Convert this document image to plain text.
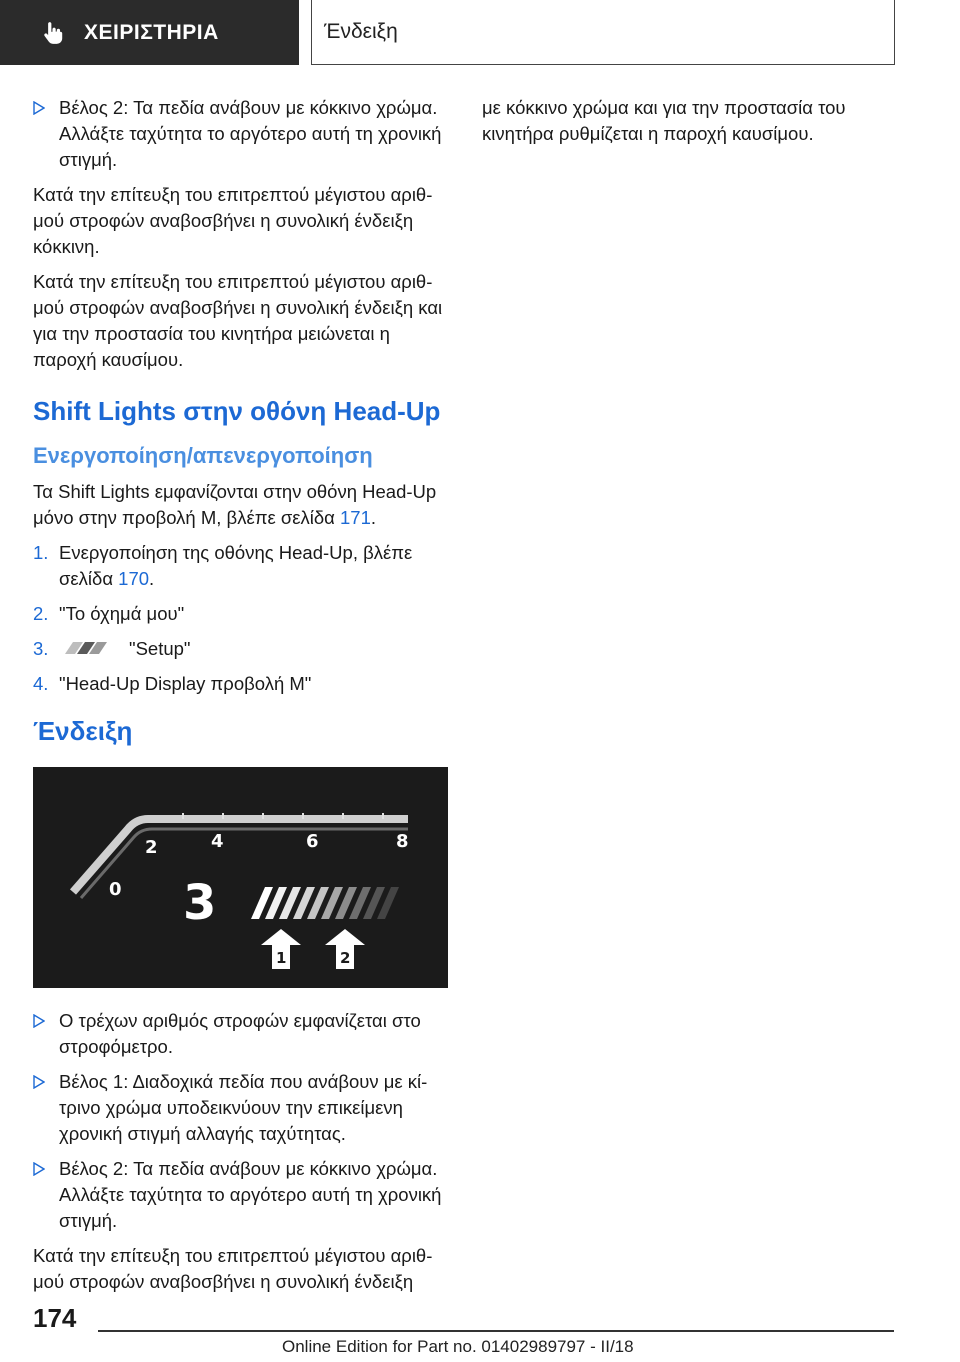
ΧΕΙΡΙΣΤΗΡΙΑ	Ένδειξη
Βέλος 2: Τα πεδία ανάβουν με κόκκινο χρώμα. Αλλάξτε ταχύτητα το αργότερο αυτή τη χρονική στιγμή.

Κατά την επίτευξη του επιτρεπτού μέγιστου αριθ-μού στροφών αναβοσβήνει η συνολική ένδειξη κόκκινη.

Κατά την επίτευξη του επιτρεπτού μέγιστου αριθ-μού στροφών αναβοσβήνει η συνολική ένδειξη και για την προστασία του κινητήρα μειώνεται η παροχή καυσίμου.

Shift Lights στην οθόνη Head-Up
Ενεργοποίηση/απενεργοποίηση

Τα Shift Lights εμφανίζονται στην οθόνη Head-Up μόνο στην προβολή M, βλέπε σελίδα 171.

1. Ενεργοποίηση της οθόνης Head-Up, βλέπε σελίδα 170.
2. "Το όχημά μου"
3.	"Setup"
4. "Head-Up Display προβολή M"
Ένδειξη
0
2	4	6	8
3
1	2
Ο τρέχων αριθμός στροφών εμφανίζεται στο στροφόμετρο.
Βέλος 1: Διαδοχικά πεδία που ανάβουν με κί-τρινο χρώμα υποδεικνύουν την επικείμενη χρονική στιγμή αλλαγής ταχύτητας.
Βέλος 2: Τα πεδία ανάβουν με κόκκινο χρώμα. Αλλάξτε ταχύτητα το αργότερο αυτή τη χρονική στιγμή.

Κατά την επίτευξη του επιτρεπτού μέγιστου αριθ-μού στροφών αναβοσβήνει η συνολική ένδειξη

με κόκκινο χρώμα και για την προστασία του κινητήρα ρυθμίζεται η παροχή καυσίμου.

174
Online Edition for Part no. 01402989797 - II/18
